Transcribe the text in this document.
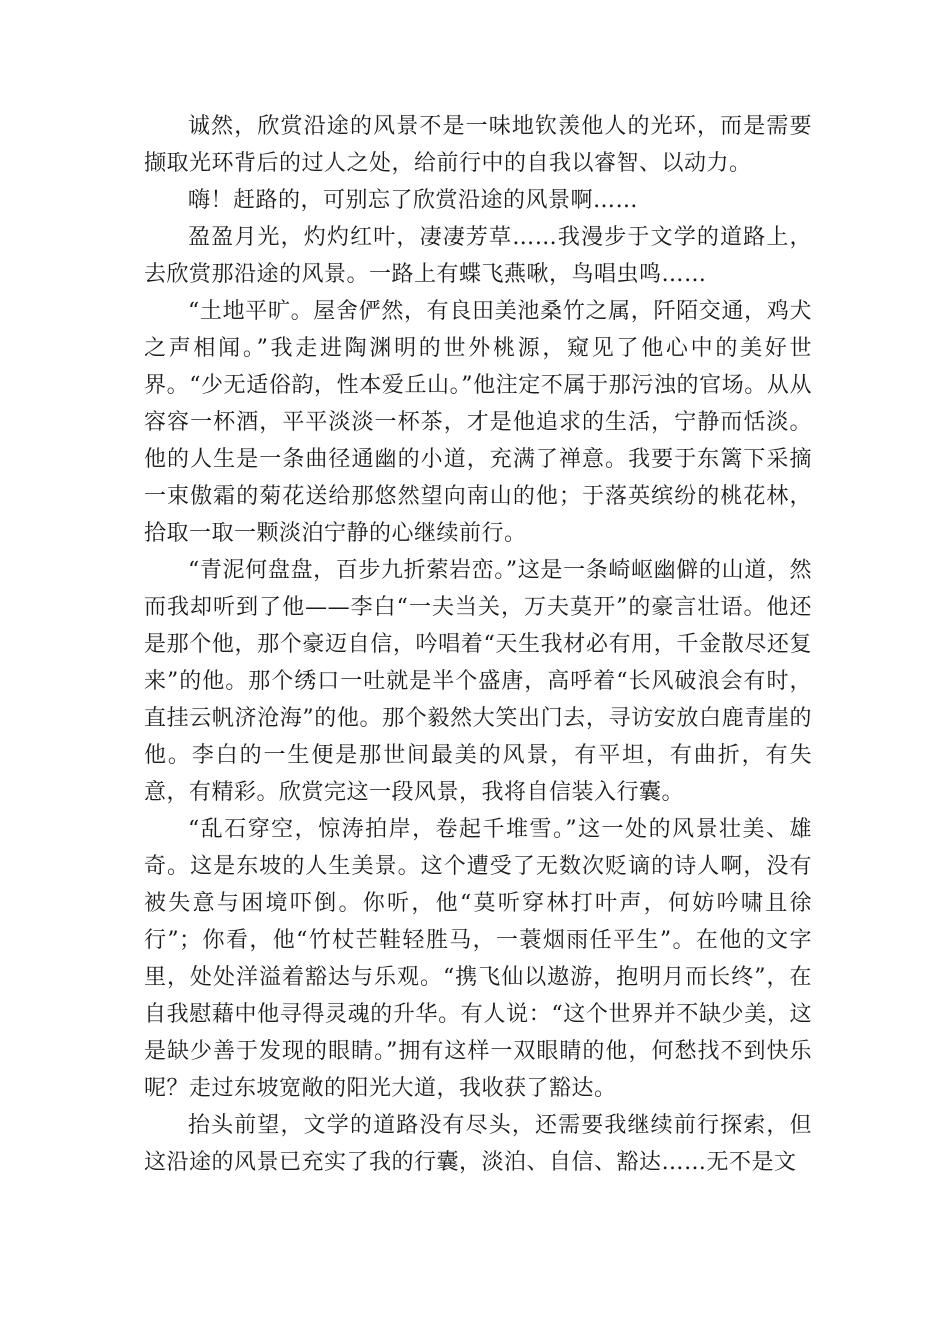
诚然，欣赏沿途的风景不是一味地钦羡他人的光环，而是需要撷取光环背后的过人之处，给前行中的自我以睿智、以动力。

嗨！赶路的，可别忘了欣赏沿途的风景啊……

盈盈月光，灼灼红叶，凄凄芳草……我漫步于文学的道路上，去欣赏那沿途的风景。一路上有蝶飞燕啾，鸟唱虫鸣……

“土地平旷。屋舍俨然，有良田美池桑竹之属，阡陌交通，鸡犬之声相闻。”我走进陶渊明的世外桃源，窥见了他心中的美好世界。“少无适俗韵，性本爱丘山。”他注定不属于那污浊的官场。从从容容一杯酒，平平淡淡一杯茶，才是他追求的生活，宁静而恬淡。他的人生是一条曲径通幽的小道，充满了禅意。我要于东篱下采摘一束傲霜的菊花送给那悠然望向南山的他；于落英缤纷的桃花林，拾取一取一颗淡泊宁静的心继续前行。

“青泥何盘盘，百步九折萦岩峦。”这是一条崎岖幽僻的山道，然而我却听到了他——李白“一夫当关，万夫莫开”的豪言壮语。他还是那个他，那个豪迈自信，吟唱着“天生我材必有用，千金散尽还复来”的他。那个绣口一吐就是半个盛唐，高呼着“长风破浪会有时，直挂云帆济沧海”的他。那个毅然大笑出门去，寻访安放白鹿青崖的他。李白的一生便是那世间最美的风景，有平坦，有曲折，有失意，有精彩。欣赏完这一段风景，我将自信装入行囊。

“乱石穿空，惊涛拍岸，卷起千堆雪。”这一处的风景壮美、雄奇。这是东坡的人生美景。这个遭受了无数次贬谪的诗人啊，没有被失意与困境吓倒。你听，他“莫听穿林打叶声，何妨吟啸且徐行”；你看，他“竹杖芒鞋轻胜马，一蓑烟雨任平生”。在他的文字里，处处洋溢着豁达与乐观。“携飞仙以遨游，抱明月而长终”，在自我慰藉中他寻得灵魂的升华。有人说：“这个世界并不缺少美，这是缺少善于发现的眼睛。”拥有这样一双眼睛的他，何愁找不到快乐呢？走过东坡宽敞的阳光大道，我收获了豁达。

抬头前望，文学的道路没有尽头，还需要我继续前行探索，但这沿途的风景已充实了我的行囊，淡泊、自信、豁达……无不是文
